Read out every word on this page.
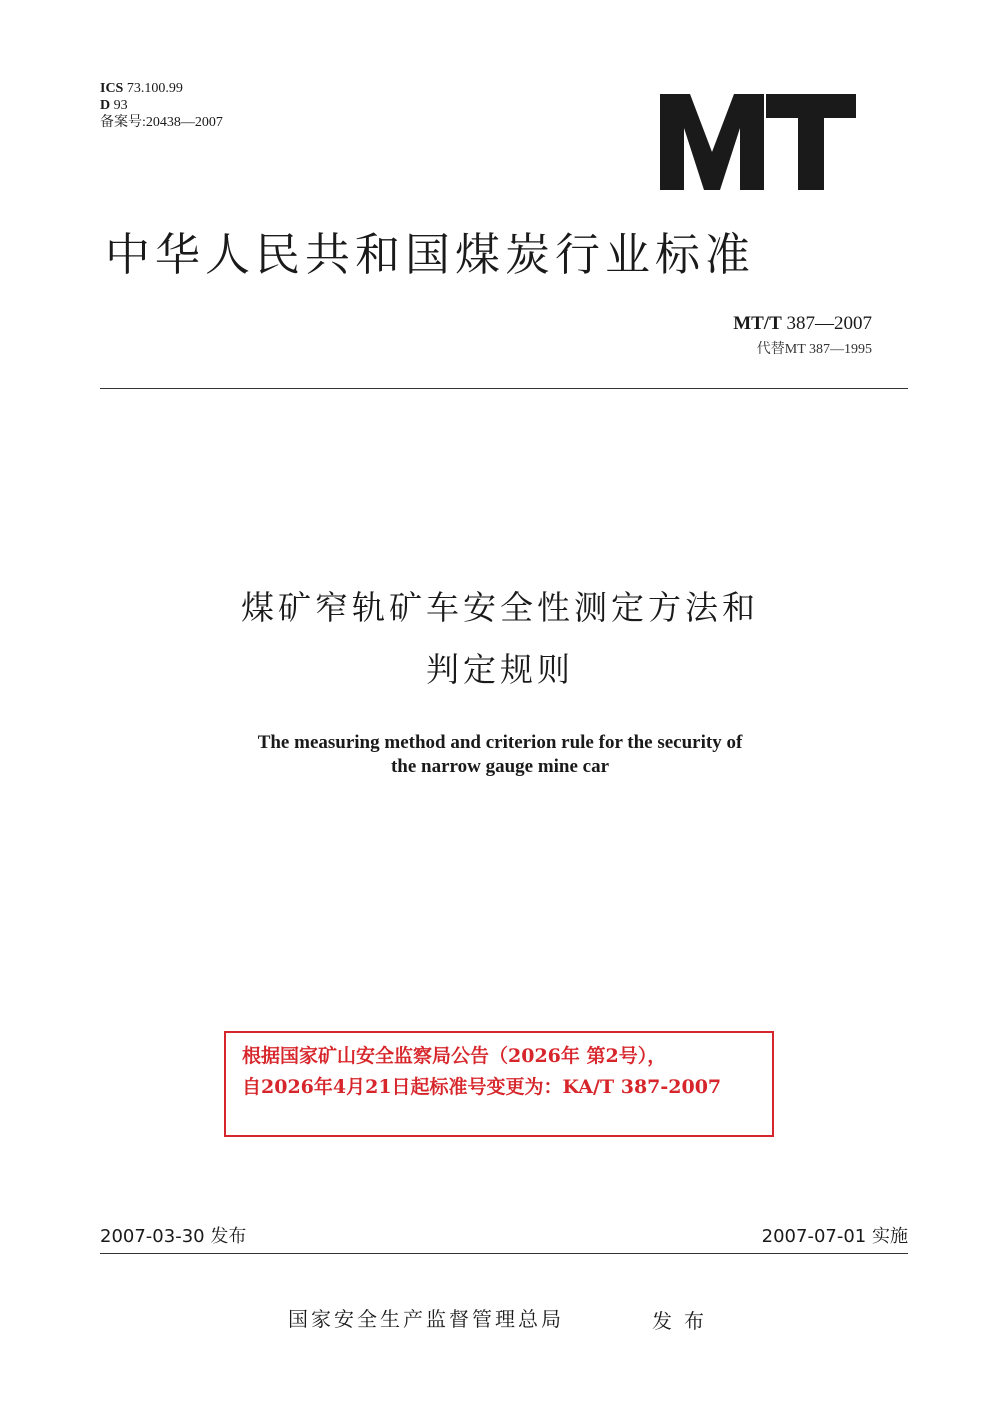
ICS 73.100.99
D 93
备案号:20438—2007
中华人民共和国煤炭行业标准
MT/T 387—2007
代替MT 387—1995
煤矿窄轨矿车安全性测定方法和
判定规则
The measuring method and criterion rule for the security of
the narrow gauge mine car
根据国家矿山安全监察局公告（2026年 第2号），
自2026年4月21日起标准号变更为：KA/T 387-2007
2007-03-30 发布	2007-07-01 实施
国家安全生产监督管理总局	发布
